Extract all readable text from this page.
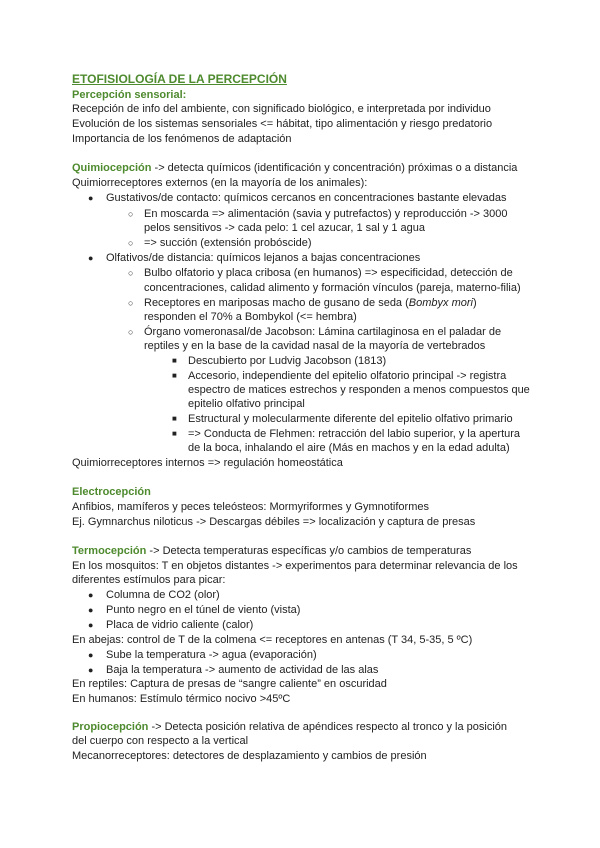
ETOFISIOLOGÍA DE LA PERCEPCIÓN
Percepción sensorial:
Recepción de info del ambiente, con significado biológico, e interpretada por individuo
Evolución de los sistemas sensoriales <= hábitat, tipo alimentación y riesgo predatorio
Importancia de los fenómenos de adaptación
Quimiocepción -> detecta químicos (identificación y concentración) próximas o a distancia
Quimiorreceptores externos (en la mayoría de los animales):
● Gustativos/de contacto: químicos cercanos en concentraciones bastante elevadas
○ En moscarda => alimentación (savia y putrefactos) y reproducción -> 3000
pelos sensitivos -> cada pelo: 1 cel azucar, 1 sal y 1 agua
○ => succión (extensión probóscide)
● Olfativos/de distancia: químicos lejanos a bajas concentraciones
○ Bulbo olfatorio y placa cribosa (en humanos) => especificidad, detección de
concentraciones, calidad alimento y formación vínculos (pareja, materno-filia)
○ Receptores en mariposas macho de gusano de seda (Bombyx mori)
responden el 70% a Bombykol (<= hembra)
○ Órgano vomeronasal/de Jacobson: Lámina cartilaginosa en el paladar de
reptiles y en la base de la cavidad nasal de la mayoría de vertebrados
■ Descubierto por Ludvig Jacobson (1813)
■ Accesorio, independiente del epitelio olfatorio principal -> registra
espectro de matices estrechos y responden a menos compuestos que
epitelio olfativo principal
■ Estructural y molecularmente diferente del epitelio olfativo primario
■ => Conducta de Flehmen: retracción del labio superior, y la apertura
de la boca, inhalando el aire (Más en machos y en la edad adulta)
Quimiorreceptores internos => regulación homeostática
Electrocepción
Anfibios, mamíferos y peces teleósteos: Mormyriformes y Gymnotiformes
Ej. Gymnarchus niloticus -> Descargas débiles => localización y captura de presas
Termocepción -> Detecta temperaturas específicas y/o cambios de temperaturas
En los mosquitos: T en objetos distantes -> experimentos para determinar relevancia de los
diferentes estímulos para picar:
● Columna de CO2 (olor)
● Punto negro en el túnel de viento (vista)
● Placa de vidrio caliente (calor)
En abejas: control de T de la colmena <= receptores en antenas (T 34, 5-35, 5 ºC)
● Sube la temperatura -> agua (evaporación)
● Baja la temperatura -> aumento de actividad de las alas
En reptiles: Captura de presas de “sangre caliente” en oscuridad
En humanos: Estímulo térmico nocivo >45ºC
Propiocepción -> Detecta posición relativa de apéndices respecto al tronco y la posición
del cuerpo con respecto a la vertical
Mecanorreceptores: detectores de desplazamiento y cambios de presión
